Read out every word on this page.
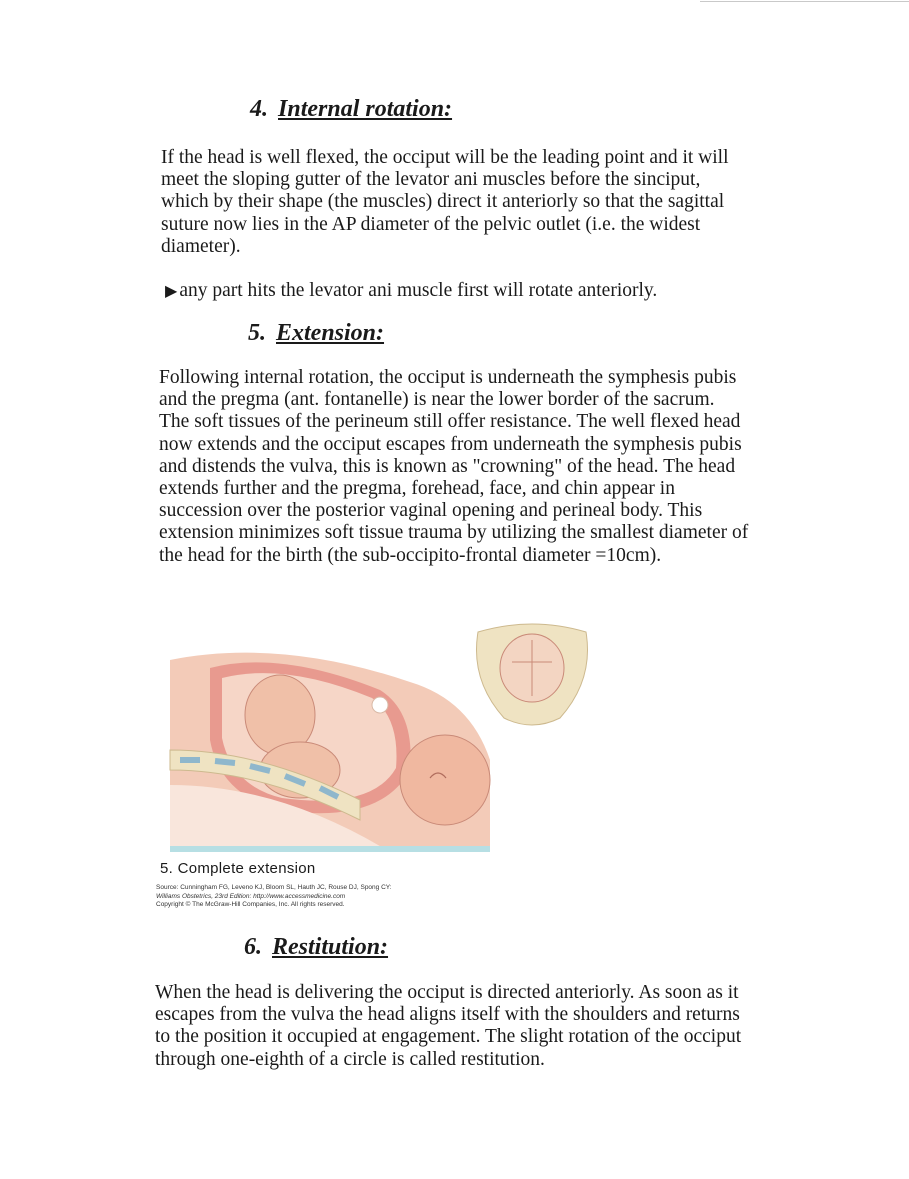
4. Internal rotation:

If the head is well flexed, the occiput will be the leading point and it will meet the sloping gutter of the levator ani muscles before the sinciput, which by their shape (the muscles) direct it anteriorly so that the sagittal suture now lies in the AP diameter of the pelvic outlet (i.e. the widest diameter).

▶ any part hits the levator ani muscle first will rotate anteriorly.

5. Extension:

Following internal rotation, the occiput is underneath the symphesis pubis and the pregma (ant. fontanelle) is near the lower border of the sacrum. The soft tissues of the perineum still offer resistance. The well flexed head now extends and the occiput escapes from underneath the symphesis pubis and distends the vulva, this is known as "crowning" of the head. The head extends further and the pregma, forehead, face, and chin appear in succession over the posterior vaginal opening and perineal body. This extension minimizes soft tissue trauma by utilizing the smallest diameter of the head for the birth (the sub-occipito-frontal diameter =10cm).

5. Complete extension
Source: Cunningham FG, Leveno KJ, Bloom SL, Hauth JC, Rouse DJ, Spong CY:
Williams Obstetrics, 23rd Edition: http://www.accessmedicine.com
Copyright © The McGraw-Hill Companies, Inc. All rights reserved.
6. Restitution:

When the head is delivering the occiput is directed anteriorly. As soon as it escapes from the vulva the head aligns itself with the shoulders and returns to the position it occupied at engagement. The slight rotation of the occiput through one-eighth of a circle is called restitution.
